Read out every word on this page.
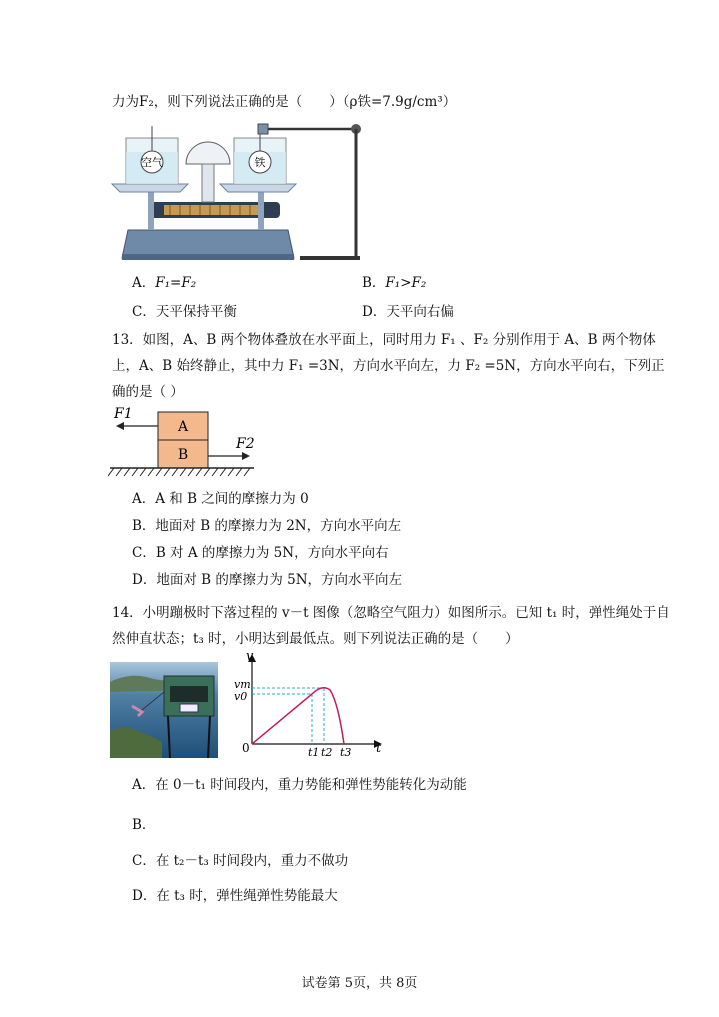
力为F₂，则下列说法正确的是（　　）（ρ铁=7.9g/cm³）
空气	铁
A．F₁=F₂	B．F₁>F₂
C．天平保持平衡	D．天平向右偏
13．如图，A、B 两个物体叠放在水平面上，同时用力 F₁ 、F₂ 分别作用于 A、B 两个物体
上，A、B 始终静止，其中力 F₁ =3N，方向水平向左，力 F₂ =5N，方向水平向右，下列正
确的是（ ）
A
B
F1
F2
A．A 和 B 之间的摩擦力为 0
B．地面对 B 的摩擦力为 2N，方向水平向左
C．B 对 A 的摩擦力为 5N，方向水平向右
D．地面对 B 的摩擦力为 5N，方向水平向左
14．小明蹦极时下落过程的 v－t 图像（忽略空气阻力）如图所示。已知 t₁ 时，弹性绳处于自
然伸直状态；t₃ 时，小明达到最低点。则下列说法正确的是（　　）
v
vm
v0
0	t1 t2 t3 t
A．在 0－t₁ 时间段内，重力势能和弹性势能转化为动能
B．
C．在 t₂－t₃ 时间段内，重力不做功
D．在 t₃ 时，弹性绳弹性势能最大
试卷第 5页，共 8页
